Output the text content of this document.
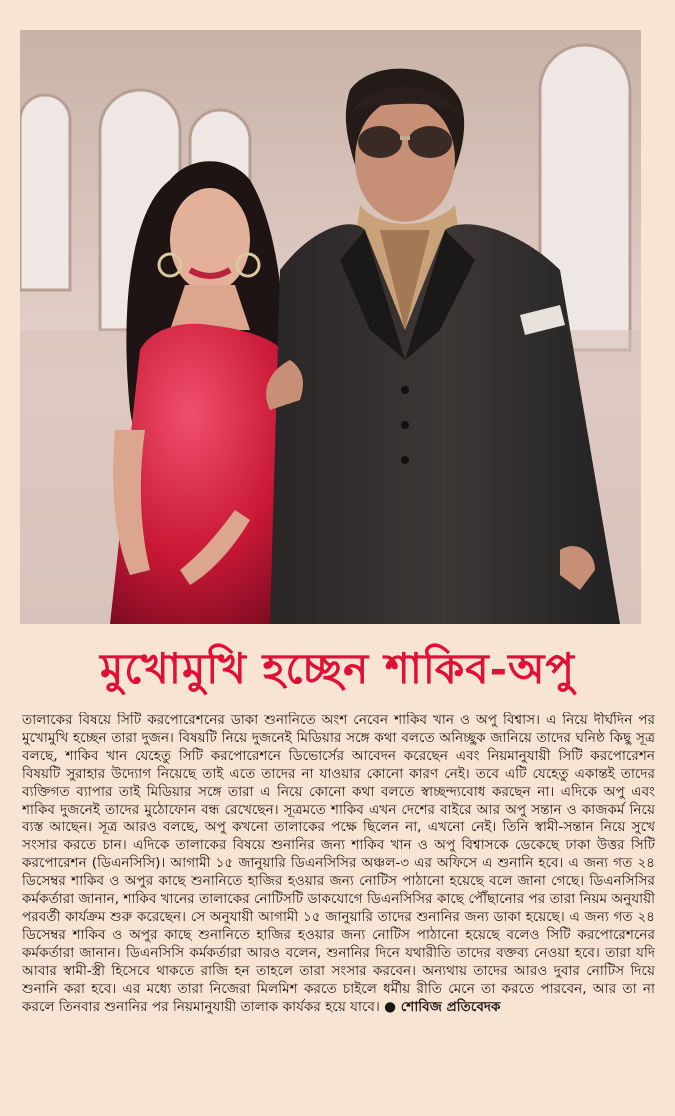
মুখোমুখি হচ্ছেন শাকিব-অপু
তালাকের বিষয়ে সিটি করপোরেশনের ডাকা শুনানিতে অংশ নেবেন শাকিব খান ও অপু বিশ্বাস। এ নিয়ে দীর্ঘদিন পর মুখোমুখি হচ্ছেন তারা দুজন। বিষয়টি নিয়ে দুজনেই মিডিয়ার সঙ্গে কথা বলতে অনিচ্ছুক জানিয়ে তাদের ঘনিষ্ঠ কিছু সূত্র বলছে, শাকিব খান যেহেতু সিটি করপোরেশনে ডিভোর্সের আবেদন করেছেন এবং নিয়মানুযায়ী সিটি করপোরেশন বিষয়টি সুরাহার উদ্যোগ নিয়েছে তাই এতে তাদের না যাওয়ার কোনো কারণ নেই। তবে এটি যেহেতু একান্তই তাদের ব্যক্তিগত ব্যাপার তাই মিডিয়ার সঙ্গে তারা এ নিয়ে কোনো কথা বলতে স্বাচ্ছন্দ্যবোধ করছেন না। এদিকে অপু এবং শাকিব দুজনেই তাদের মুঠোফোন বন্ধ রেখেছেন। সূত্রমতে শাকিব এখন দেশের বাইরে আর অপু সন্তান ও কাজকর্ম নিয়ে ব্যস্ত আছেন। সূত্র আরও বলছে, অপু কখনো তালাকের পক্ষে ছিলেন না, এখনো নেই। তিনি স্বামী-সন্তান নিয়ে সুখে সংসার করতে চান। এদিকে তালাকের বিষয়ে শুনানির জন্য শাকিব খান ও অপু বিশ্বাসকে ডেকেছে ঢাকা উত্তর সিটি করপোরেশন (ডিএনসিসি)। আগামী ১৫ জানুয়ারি ডিএনসিসির অঞ্চল-৩ এর অফিসে এ শুনানি হবে। এ জন্য গত ২৪ ডিসেম্বর শাকিব ও অপুর কাছে শুনানিতে হাজির হওয়ার জন্য নোটিস পাঠানো হয়েছে বলে জানা গেছে। ডিএনসিসির কর্মকর্তারা জানান, শাকিব খানের তালাকের নোটিসটি ডাকযোগে ডিএনসিসির কাছে পৌঁছানোর পর তারা নিয়ম অনুযায়ী পরবর্তী কার্যক্রম শুরু করেছেন। সে অনুযায়ী আগামী ১৫ জানুয়ারি তাদের শুনানির জন্য ডাকা হয়েছে। এ জন্য গত ২৪ ডিসেম্বর শাকিব ও অপুর কাছে শুনানিতে হাজির হওয়ার জন্য নোটিস পাঠানো হয়েছে বলেও সিটি করপোরেশনের কর্মকর্তারা জানান। ডিএনসিসি কর্মকর্তারা আরও বলেন, শুনানির দিনে যথারীতি তাদের বক্তব্য নেওয়া হবে। তারা যদি আবার স্বামী-স্ত্রী হিসেবে থাকতে রাজি হন তাহলে তারা সংসার করবেন। অন্যথায় তাদের আরও দুবার নোটিস দিয়ে শুনানি করা হবে। এর মধ্যে তারা নিজেরা মিলমিশ করতে চাইলে ধর্মীয় রীতি মেনে তা করতে পারবেন, আর তা না করলে তিনবার শুনানির পর নিয়মানুযায়ী তালাক কার্যকর হয়ে যাবে। ● শোবিজ প্রতিবেদক
